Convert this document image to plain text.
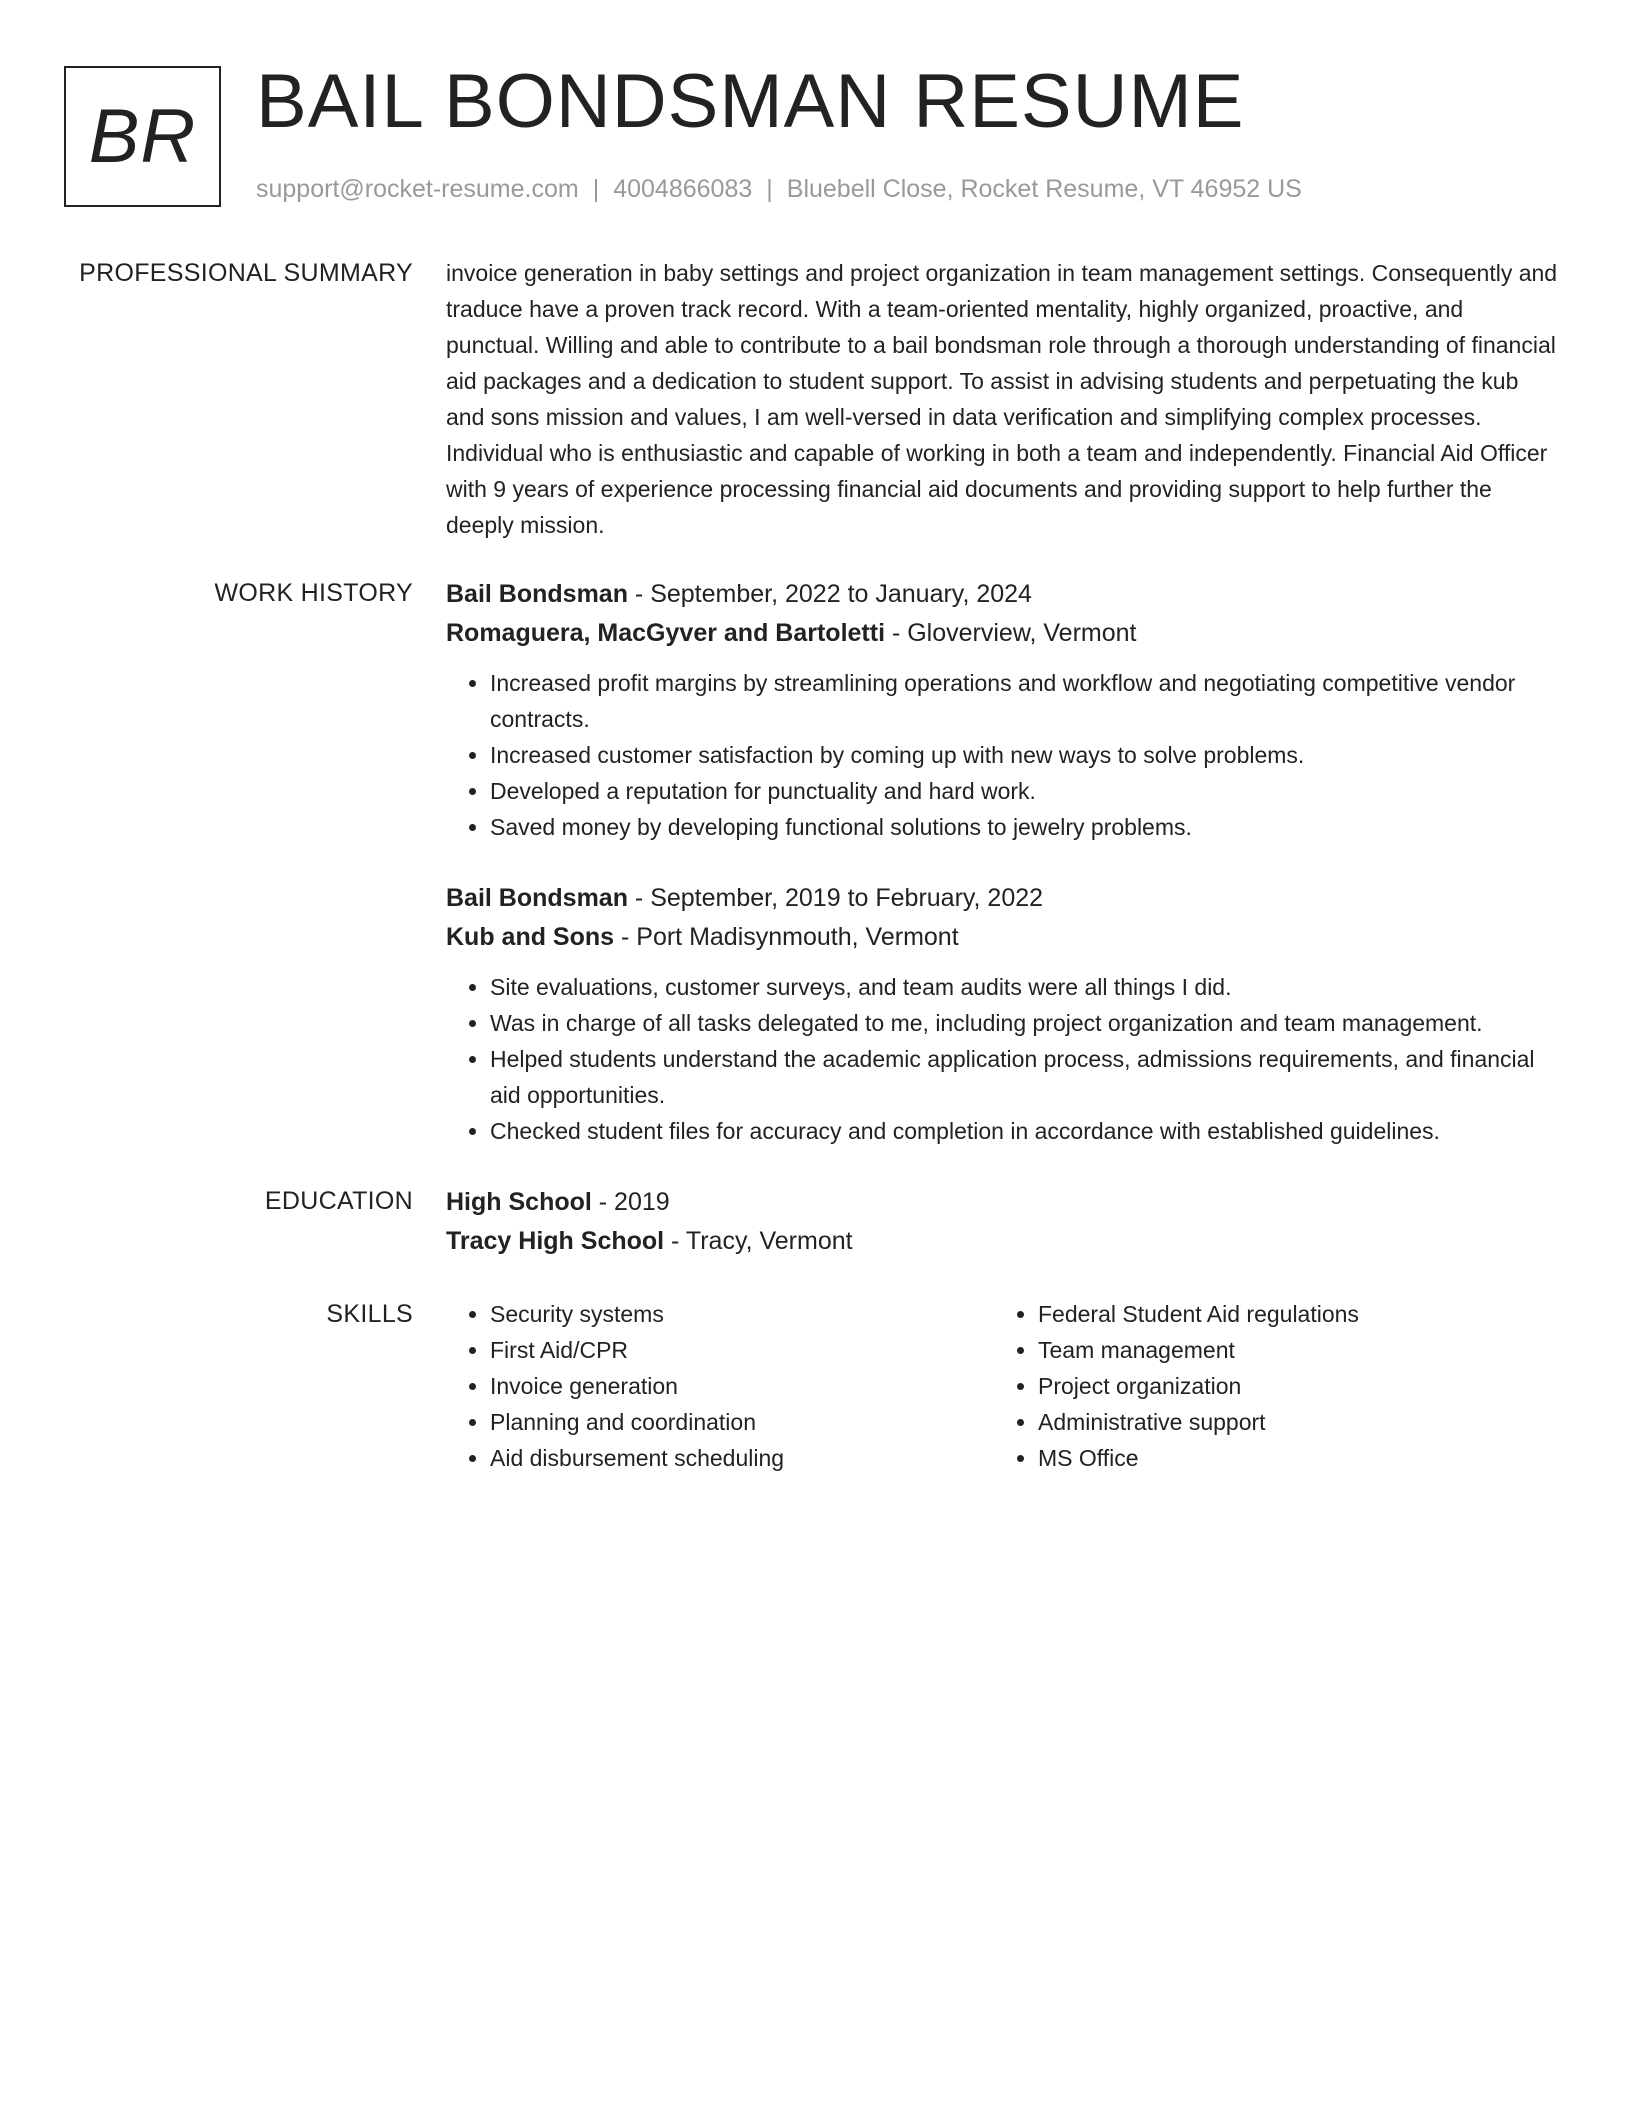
BR BAIL BONDSMAN RESUME
support@rocket-resume.com | 4004866083 | Bluebell Close, Rocket Resume, VT 46952 US
PROFESSIONAL SUMMARY invoice generation in baby settings and project organization in team management settings. Consequently and traduce have a proven track record. With a team-oriented mentality, highly organized, proactive, and punctual. Willing and able to contribute to a bail bondsman role through a thorough understanding of financial aid packages and a dedication to student support. To assist in advising students and perpetuating the kub and sons mission and values, I am well-versed in data verification and simplifying complex processes. Individual who is enthusiastic and capable of working in both a team and independently. Financial Aid Officer with 9 years of experience processing financial aid documents and providing support to help further the deeply mission.

WORK HISTORY Bail Bondsman - September, 2022 to January, 2024
Romaguera, MacGyver and Bartoletti - Gloverview, Vermont
• Increased profit margins by streamlining operations and workflow and negotiating competitive vendor contracts.
• Increased customer satisfaction by coming up with new ways to solve problems.
• Developed a reputation for punctuality and hard work.
• Saved money by developing functional solutions to jewelry problems.
Bail Bondsman - September, 2019 to February, 2022
Kub and Sons - Port Madisynmouth, Vermont
• Site evaluations, customer surveys, and team audits were all things I did.
• Was in charge of all tasks delegated to me, including project organization and team management.
• Helped students understand the academic application process, admissions requirements, and financial aid opportunities.
• Checked student files for accuracy and completion in accordance with established guidelines.
EDUCATION High School - 2019
Tracy High School - Tracy, Vermont
SKILLS
•	Security systems
• First Aid/CPR
• Invoice generation
• Planning and coordination
• Aid disbursement scheduling
• Federal Student Aid regulations
• Team management
• Project organization
• Administrative support
• MS Office
